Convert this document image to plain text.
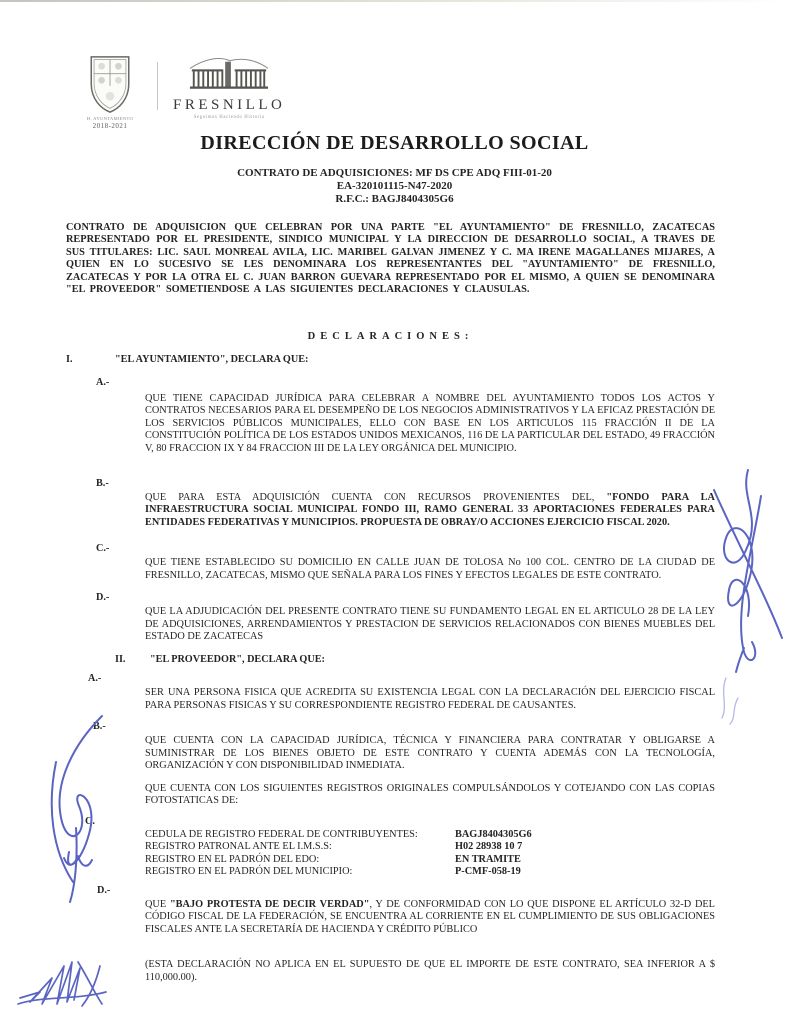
H. AYUNTAMIENTO
2018-2021
FRESNILLO
Seguimos Haciendo Historia
DIRECCIÓN DE DESARROLLO SOCIAL
CONTRATO DE ADQUISICIONES: MF DS CPE ADQ FIII-01-20
EA-320101115-N47-2020
R.F.C.: BAGJ8404305G6
CONTRATO DE ADQUISICION QUE CELEBRAN POR UNA PARTE "EL AYUNTAMIENTO" DE FRESNILLO, ZACATECAS REPRESENTADO POR EL PRESIDENTE, SINDICO MUNICIPAL Y LA DIRECCION DE DESARROLLO SOCIAL, A TRAVES DE SUS TITULARES: LIC. SAUL MONREAL AVILA, LIC. MARIBEL GALVAN JIMENEZ Y C. MA IRENE MAGALLANES MIJARES, A QUIEN EN LO SUCESIVO SE LES DENOMINARA LOS REPRESENTANTES DEL "AYUNTAMIENTO" DE FRESNILLO, ZACATECAS Y POR LA OTRA EL C. JUAN BARRON GUEVARA REPRESENTADO POR EL MISMO, A QUIEN SE DENOMINARA "EL PROVEEDOR" SOMETIENDOSE A LAS SIGUIENTES DECLARACIONES Y CLAUSULAS.
DECLARACIONES:
I.	"EL AYUNTAMIENTO", DECLARA QUE:
A.-
QUE TIENE CAPACIDAD JURÍDICA PARA CELEBRAR A NOMBRE DEL AYUNTAMIENTO TODOS LOS ACTOS Y CONTRATOS NECESARIOS PARA EL DESEMPEÑO DE LOS NEGOCIOS ADMINISTRATIVOS Y LA EFICAZ PRESTACIÓN DE LOS SERVICIOS PÚBLICOS MUNICIPALES, ELLO CON BASE EN LOS ARTICULOS 115 FRACCIÓN II DE LA CONSTITUCIÓN POLÍTICA DE LOS ESTADOS UNIDOS MEXICANOS, 116 DE LA PARTICULAR DEL ESTADO, 49 FRACCIÓN V, 80 FRACCION IX Y 84 FRACCION III DE LA LEY ORGÁNICA DEL MUNICIPIO.
B.-
QUE PARA ESTA ADQUISICIÓN CUENTA CON RECURSOS PROVENIENTES DEL, "FONDO PARA LA INFRAESTRUCTURA SOCIAL MUNICIPAL FONDO III, RAMO GENERAL 33 APORTACIONES FEDERALES PARA ENTIDADES FEDERATIVAS Y MUNICIPIOS. PROPUESTA DE OBRAY/O ACCIONES EJERCICIO FISCAL 2020.
C.-
QUE TIENE ESTABLECIDO SU DOMICILIO EN CALLE JUAN DE TOLOSA No 100 COL. CENTRO DE LA CIUDAD DE FRESNILLO, ZACATECAS, MISMO QUE SEÑALA PARA LOS FINES Y EFECTOS LEGALES DE ESTE CONTRATO.
D.-
QUE LA ADJUDICACIÓN DEL PRESENTE CONTRATO TIENE SU FUNDAMENTO LEGAL EN EL ARTICULO 28 DE LA LEY DE ADQUISICIONES, ARRENDAMIENTOS Y PRESTACION DE SERVICIOS RELACIONADOS CON BIENES MUEBLES DEL ESTADO DE ZACATECAS
II.	"EL PROVEEDOR", DECLARA QUE:
A.-
SER UNA PERSONA FISICA QUE ACREDITA SU EXISTENCIA LEGAL CON LA DECLARACIÓN DEL EJERCICIO FISCAL PARA PERSONAS FISICAS Y SU CORRESPONDIENTE REGISTRO FEDERAL DE CAUSANTES.
B.-
QUE CUENTA CON LA CAPACIDAD JURÍDICA, TÉCNICA Y FINANCIERA PARA CONTRATAR Y OBLIGARSE A SUMINISTRAR DE LOS BIENES OBJETO DE ESTE CONTRATO Y CUENTA ADEMÁS CON LA TECNOLOGÍA, ORGANIZACIÓN Y CON DISPONIBILIDAD INMEDIATA.
QUE CUENTA CON LOS SIGUIENTES REGISTROS ORIGINALES COMPULSÁNDOLOS Y COTEJANDO CON LAS COPIAS FOTOSTATICAS DE:
C.
CEDULA DE REGISTRO FEDERAL DE CONTRIBUYENTES:	BAGJ8404305G6
REGISTRO PATRONAL ANTE EL I.M.S.S:	H02 28938 10 7
REGISTRO EN EL PADRÓN DEL EDO:	EN TRAMITE
REGISTRO EN EL PADRÓN DEL MUNICIPIO:	P-CMF-058-19
D.-
QUE "BAJO PROTESTA DE DECIR VERDAD", Y DE CONFORMIDAD CON LO QUE DISPONE EL ARTÍCULO 32-D DEL CÓDIGO FISCAL DE LA FEDERACIÓN, SE ENCUENTRA AL CORRIENTE EN EL CUMPLIMIENTO DE SUS OBLIGACIONES FISCALES ANTE LA SECRETARÍA DE HACIENDA Y CRÉDITO PÚBLICO
(ESTA DECLARACIÓN NO APLICA EN EL SUPUESTO DE QUE EL IMPORTE DE ESTE CONTRATO, SEA INFERIOR A $ 110,000.00).
